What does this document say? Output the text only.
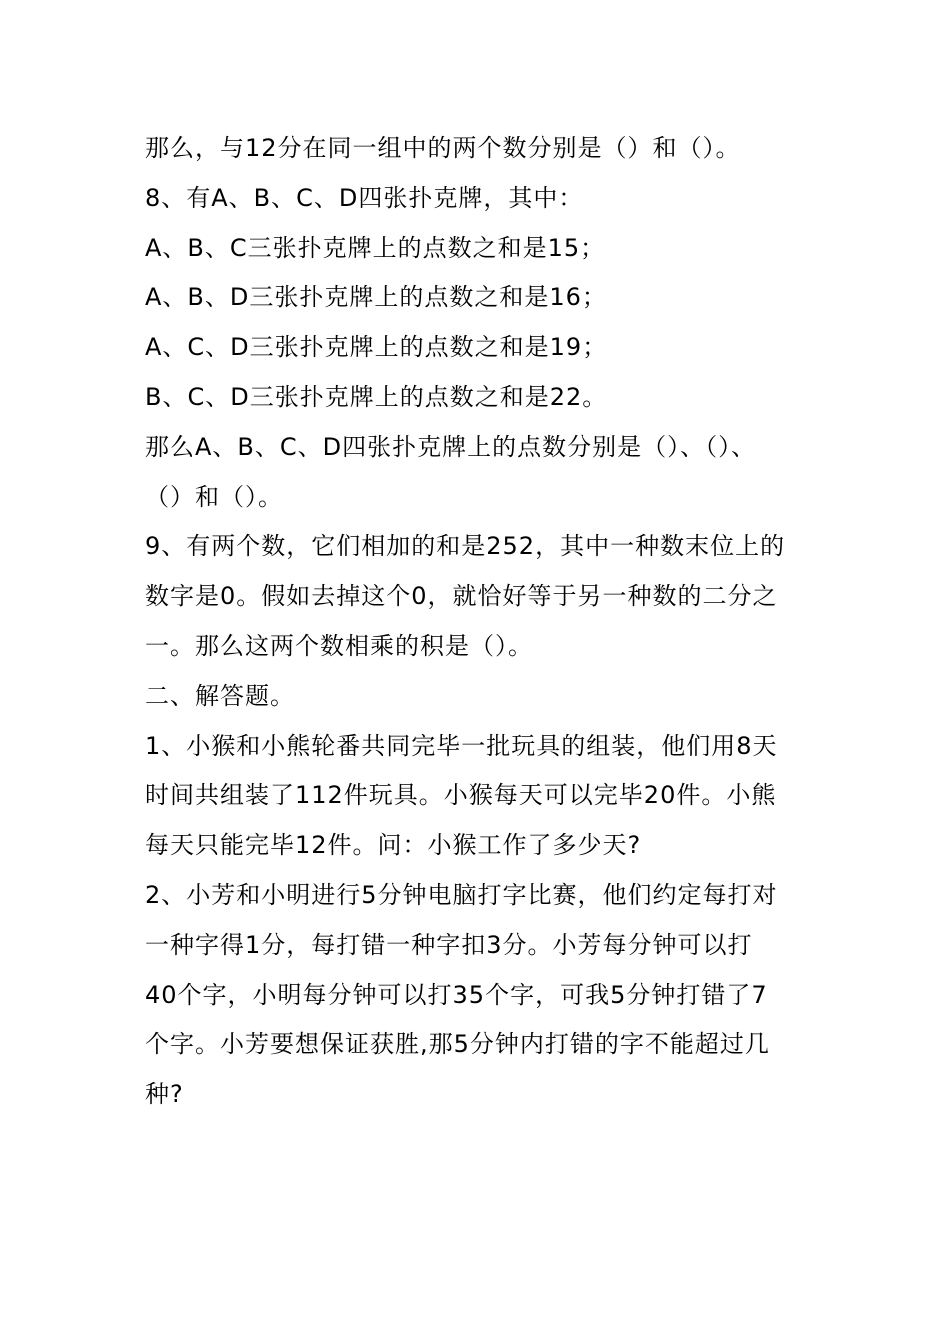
那么，与12分在同一组中的两个数分别是（）和（）。
8、有A、B、C、D四张扑克牌，其中：
A、B、C三张扑克牌上的点数之和是15；
A、B、D三张扑克牌上的点数之和是16；
A、C、D三张扑克牌上的点数之和是19；
B、C、D三张扑克牌上的点数之和是22。
那么A、B、C、D四张扑克牌上的点数分别是（）、（）、
（）和（）。
9、有两个数，它们相加的和是252，其中一种数末位上的
数字是0。假如去掉这个0，就恰好等于另一种数的二分之
一。那么这两个数相乘的积是（）。
二、解答题。
1、小猴和小熊轮番共同完毕一批玩具的组装，他们用8天
时间共组装了112件玩具。小猴每天可以完毕20件。小熊
每天只能完毕12件。问：小猴工作了多少天?
2、小芳和小明进行5分钟电脑打字比赛，他们约定每打对
一种字得1分，每打错一种字扣3分。小芳每分钟可以打
40个字，小明每分钟可以打35个字，可我5分钟打错了7
个字。小芳要想保证获胜,那5分钟内打错的字不能超过几
种?
